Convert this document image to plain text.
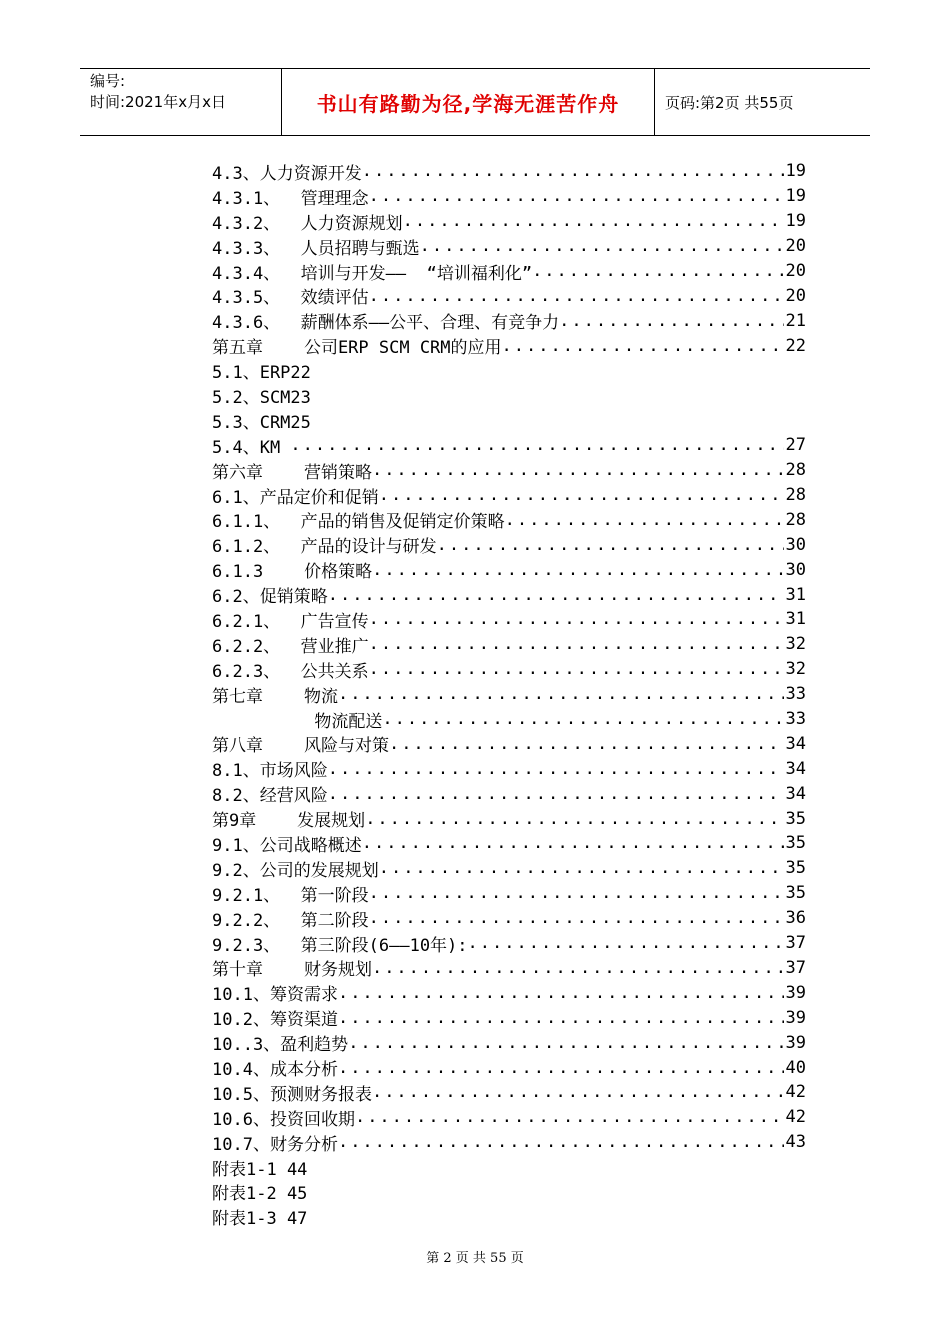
编号:
时间:2021年x月x日	书山有路勤为径,学海无涯苦作舟	页码:第2页 共55页
4.3、人力资源开发 .....	19
4.3.1、  管理理念 .....	19
4.3.2、  人力资源规划 .....	19
4.3.3、  人员招聘与甄选 .....	20
4.3.4、  培训与开发——  “培训福利化” .....	20
4.3.5、  效绩评估 .....	20
4.3.6、  薪酬体系——公平、合理、有竞争力 .....	21
第五章    公司ERP SCM CRM的应用 .....	22
5.1、ERP22
5.2、SCM23
5.3、CRM25
5.4、KM .....	27
第六章    营销策略 .....	28
6.1、产品定价和促销 .....	28
6.1.1、  产品的销售及促销定价策略 .....	28
6.1.2、  产品的设计与研发 .....	30
6.1.3    价格策略 .....	30
6.2、促销策略 .....	31
6.2.1、  广告宣传 .....	31
6.2.2、  营业推广 .....	32
6.2.3、  公共关系 .....	32
第七章    物流 .....	33
物流配送 .....	33
第八章    风险与对策 .....	34
8.1、市场风险 .....	34
8.2、经营风险 .....	34
第9章    发展规划 .....	35
9.1、公司战略概述 .....	35
9.2、公司的发展规划 .....	35
9.2.1、  第一阶段 .....	35
9.2.2、  第二阶段 .....	36
9.2.3、  第三阶段(6——10年): .....	37
第十章    财务规划 .....	37
10.1、筹资需求 .....	39
10.2、筹资渠道 .....	39
10..3、盈利趋势 .....	39
10.4、成本分析 .....	40
10.5、预测财务报表 .....	42
10.6、投资回收期 .....	42
10.7、财务分析 .....	43
附表1-1 44
附表1-2 45
附表1-3 47
第 2 页 共 55 页
